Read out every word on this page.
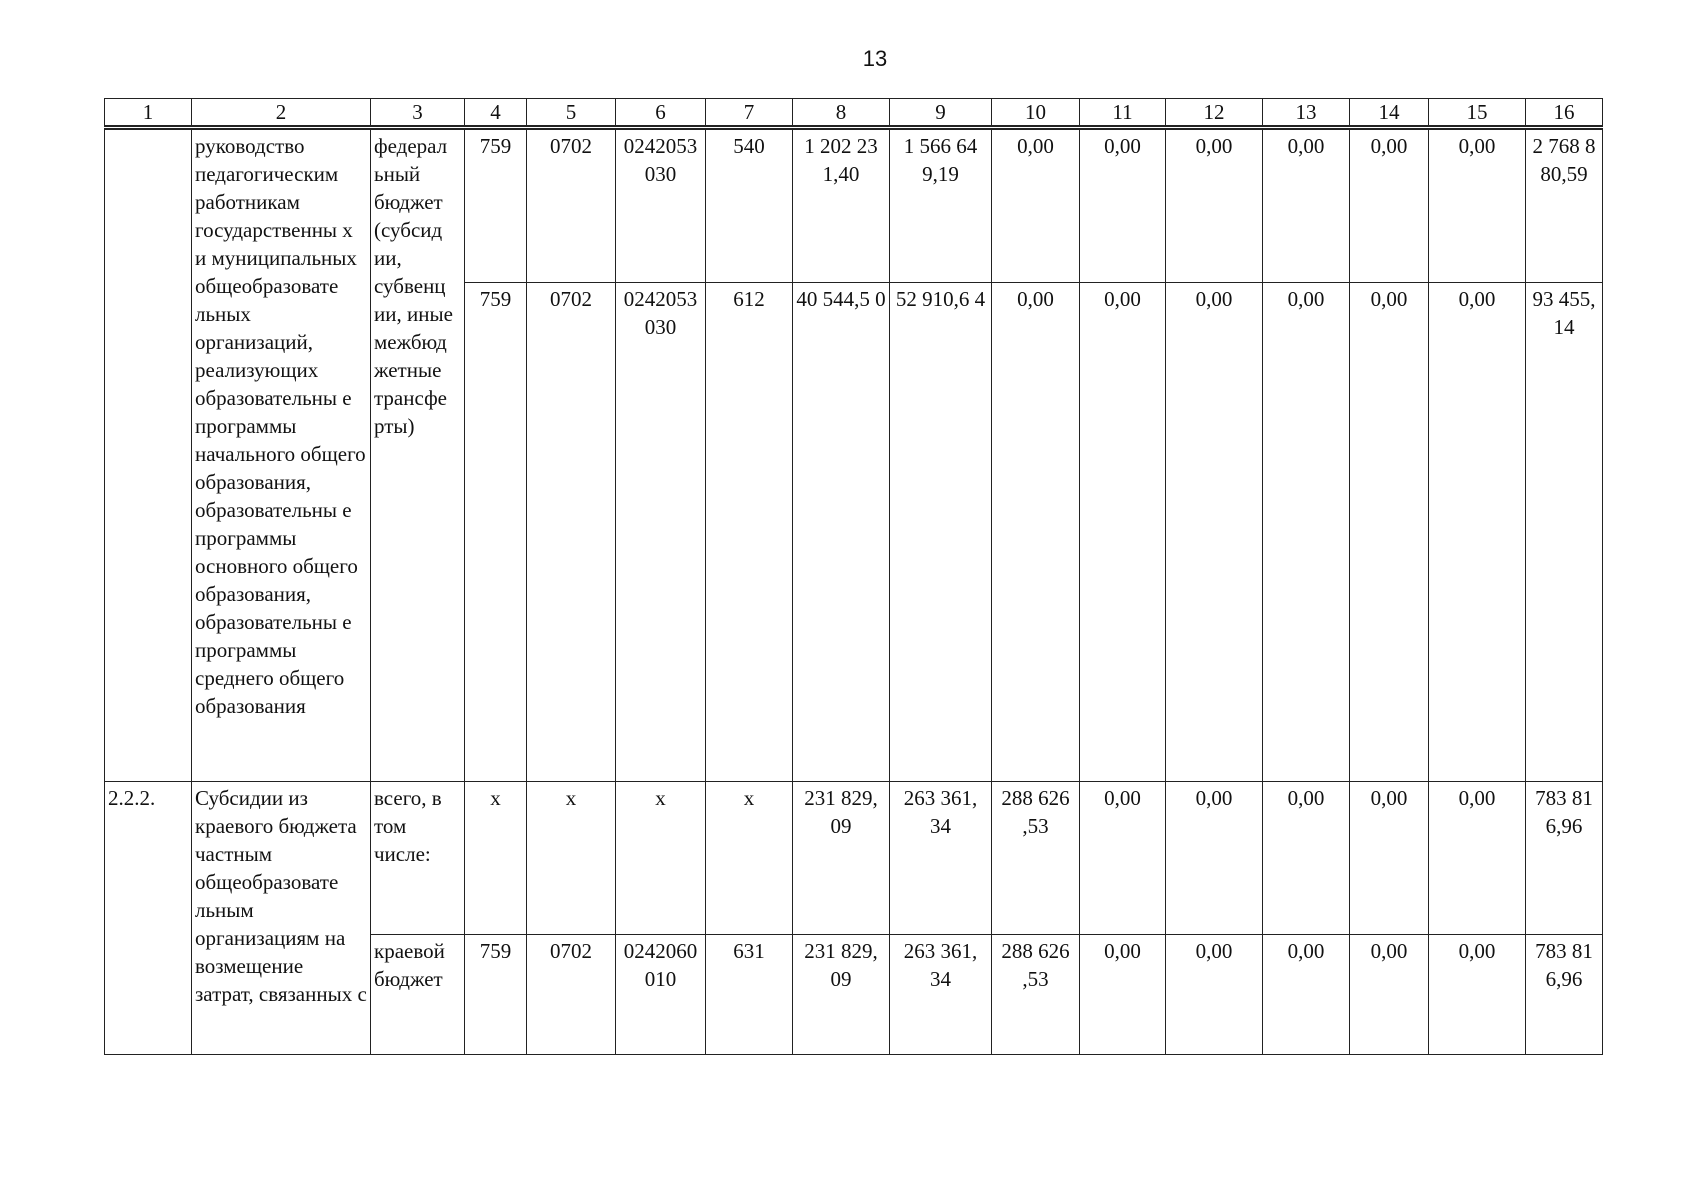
13
1	2	3	4	5	6	7	8	9	10	11	12	13	14	15	16
	руководство педагогическим работникам государственны х и муниципальных общеобразовате льных организаций, реализующих образовательны е программы начального общего образования, образовательны е программы основного общего образования, образовательны е программы среднего общего образования	федерал ьный бюджет (субсид ии, субвенц ии, иные межбюд жетные трансфе рты)	759	0702	0242053 030	540	1 202 23 1,40	1 566 64 9,19	0,00	0,00	0,00	0,00	0,00	0,00	2 768 8 80,59
			759	0702	0242053 030	612	40 544,5 0	52 910,6 4	0,00	0,00	0,00	0,00	0,00	0,00	93 455, 14
2.2.2.	Субсидии из краевого бюджета частным общеобразовате льным организациям на возмещение затрат, связанных с	всего, в том числе:	х	х	х	х	231 829, 09	263 361, 34	288 626 ,53	0,00	0,00	0,00	0,00	0,00	783 81 6,96
		краевой бюджет	759	0702	0242060 010	631	231 829, 09	263 361, 34	288 626 ,53	0,00	0,00	0,00	0,00	0,00	783 81 6,96
